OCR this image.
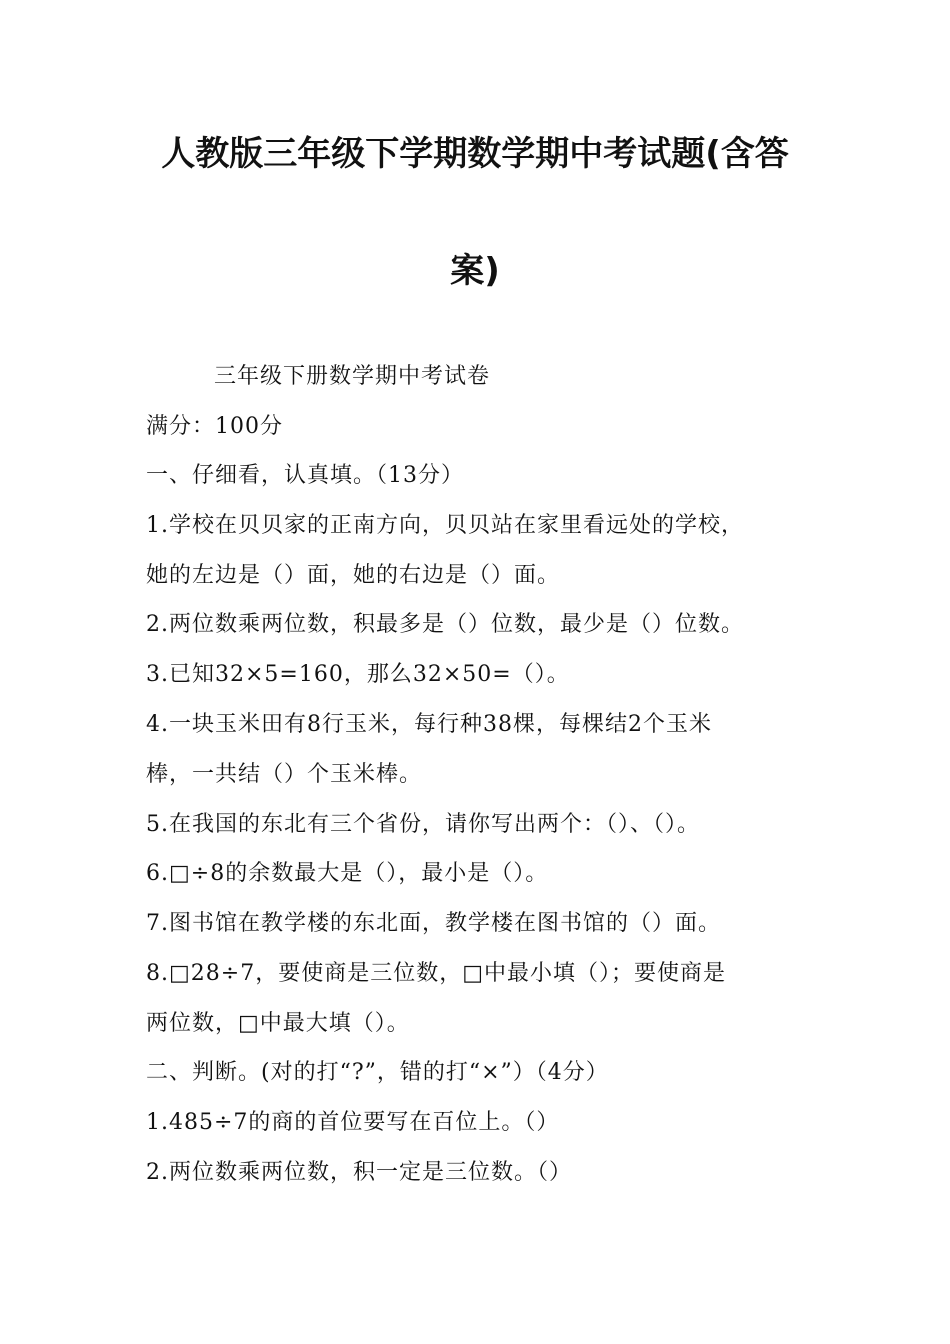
人教版三年级下学期数学期中考试题(含答
案)
三年级下册数学期中考试卷
满分：100分
一、仔细看，认真填。（13分）
1.学校在贝贝家的正南方向，贝贝站在家里看远处的学校，
她的左边是（）面，她的右边是（）面。
2.两位数乘两位数，积最多是（）位数，最少是（）位数。
3.已知32×5=160，那么32×50=（）。
4.一块玉米田有8行玉米，每行种38棵，每棵结2个玉米
棒，一共结（）个玉米棒。
5.在我国的东北有三个省份，请你写出两个：（）、（）。
6.□÷8的余数最大是（），最小是（）。
7.图书馆在教学楼的东北面，教学楼在图书馆的（）面。
8.□28÷7，要使商是三位数，□中最小填（）；要使商是
两位数，□中最大填（）。
二、判断。(对的打“?”，错的打“×”）（4分）
1.485÷7的商的首位要写在百位上。（）
2.两位数乘两位数，积一定是三位数。（）
